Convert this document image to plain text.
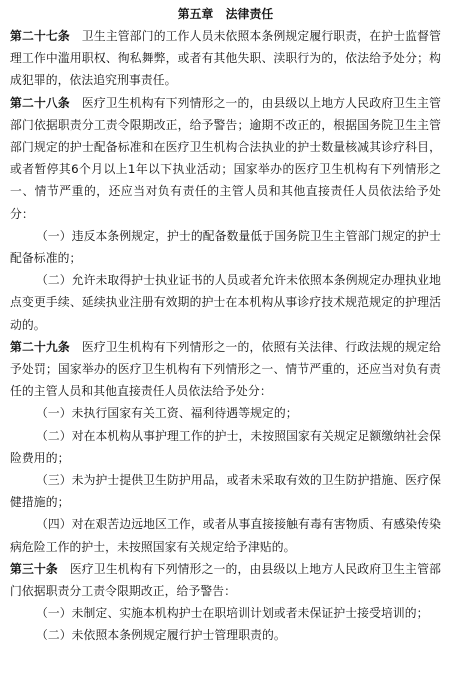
第五章 法律责任

第二十七条 卫生主管部门的工作人员未依照本条例规定履行职责，在护士监督管理工作中滥用职权、徇私舞弊，或者有其他失职、渎职行为的，依法给予处分；构成犯罪的，依法追究刑事责任。

第二十八条 医疗卫生机构有下列情形之一的，由县级以上地方人民政府卫生主管部门依据职责分工责令限期改正，给予警告；逾期不改正的，根据国务院卫生主管部门规定的护士配备标准和在医疗卫生机构合法执业的护士数量核减其诊疗科目，或者暂停其6个月以上1年以下执业活动；国家举办的医疗卫生机构有下列情形之一、情节严重的，还应当对负有责任的主管人员和其他直接责任人员依法给予处分：

（一）违反本条例规定，护士的配备数量低于国务院卫生主管部门规定的护士配备标准的；

（二）允许未取得护士执业证书的人员或者允许未依照本条例规定办理执业地点变更手续、延续执业注册有效期的护士在本机构从事诊疗技术规范规定的护理活动的。

第二十九条 医疗卫生机构有下列情形之一的，依照有关法律、行政法规的规定给予处罚；国家举办的医疗卫生机构有下列情形之一、情节严重的，还应当对负有责任的主管人员和其他直接责任人员依法给予处分：

（一）未执行国家有关工资、福利待遇等规定的；

（二）对在本机构从事护理工作的护士，未按照国家有关规定足额缴纳社会保险费用的；

（三）未为护士提供卫生防护用品，或者未采取有效的卫生防护措施、医疗保健措施的；

（四）对在艰苦边远地区工作，或者从事直接接触有毒有害物质、有感染传染病危险工作的护士，未按照国家有关规定给予津贴的。

第三十条 医疗卫生机构有下列情形之一的，由县级以上地方人民政府卫生主管部门依据职责分工责令限期改正，给予警告：

（一）未制定、实施本机构护士在职培训计划或者未保证护士接受培训的；

（二）未依照本条例规定履行护士管理职责的。
